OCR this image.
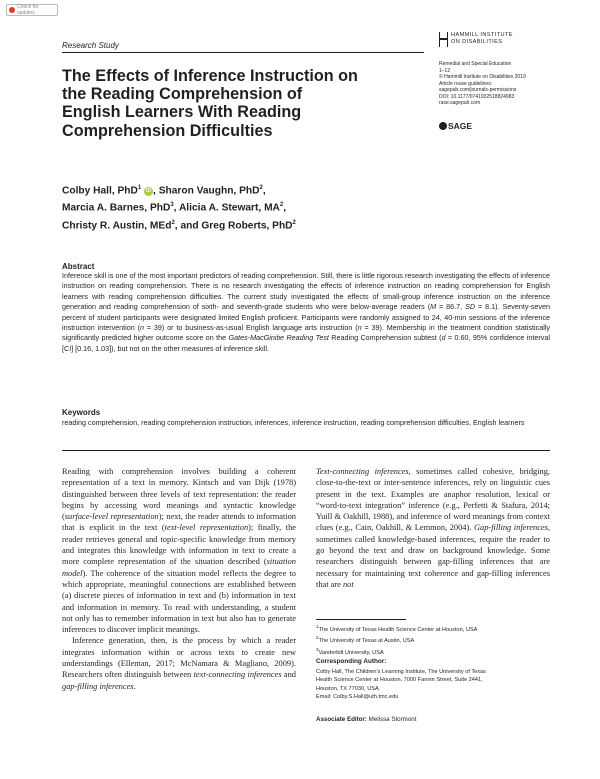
Check for updates
Research Study
The Effects of Inference Instruction on the Reading Comprehension of English Learners With Reading Comprehension Difficulties
HAMMILL INSTITUTE
ON DISABILITIES
Remedial and Special Education
1–12
© Hammill Institute on Disabilities 2019
Article reuse guidelines:
sagepub.com/journals-permissions
DOI: 10.1177/0741932518824983
rase.sagepub.com
SAGE
Colby Hall, PhD$^1$ iD , Sharon Vaughn, PhD$^2$,
Marcia A. Barnes, PhD$^3$, Alicia A. Stewart, $MA^2$,
Christy R. Austin, MEd$^2$, and Greg Roberts, PhD$^2$
Abstract
Inference skill is one of the most important predictors of reading comprehension. Still, there is little rigorous research investigating the effects of inference instruction on reading comprehension. There is no research investigating the effects of inference instruction on reading comprehension for English learners with reading comprehension difficulties. The current study investigated the effects of small-group inference instruction on the inference generation and reading comprehension of sixth- and seventh-grade students who were below-average readers (M = 86.7, SD = 8.1). Seventy-seven percent of student participants were designated limited English proficient. Participants were randomly assigned to 24, 40-min sessions of the inference instruction intervention (n = 39) or to business-as-usual English language arts instruction (n = 39). Membership in the treatment condition statistically significantly predicted higher outcome score on the Gates-MacGinitie Reading Test Reading Comprehension subtest (d = 0.60, 95% confidence interval [CI] [0.16, 1.03]), but not on the other measures of inference skill.
Keywords
reading comprehension, reading comprehension instruction, inferences, inference instruction, reading comprehension difficulties, English learners

Reading with comprehension involves building a coherent representation of a text in memory. Kintsch and van Dijk (1978) distinguished between three levels of text representation: the reader begins by accessing word meanings and syntactic knowledge (surface-level representation); next, the reader attends to information that is explicit in the text (text-level representation); finally, the reader retrieves general and topic-specific knowledge from memory and integrates this knowledge with information in text to create a more complete representation of the situation described (situation model). The coherence of the situation model reflects the degree to which appropriate, meaningful connections are established between (a) discrete pieces of information in text and (b) information in text and information in memory. To read with understanding, a student not only has to remember information in text but also has to generate inferences to discover implicit meanings.

Inference generation, then, is the process by which a reader integrates information within or across texts to create new understandings (Elleman, 2017; McNamara & Magliano, 2009). Researchers often distinguish between text-connecting inferences and gap-filling inferences.

Text-connecting inferences, sometimes called cohesive, bridging, close-to-the-text or inter-sentence inferences, rely on linguistic cues present in the text. Examples are anaphor resolution, lexical or “word-to-text integration” inference (e.g., Perfetti & Stafura, 2014; Yuill & Oakhill, 1988), and inference of word meanings from context clues (e.g., Cain, Oakhill, & Lemmon, 2004). Gap-filling inferences, sometimes called knowledge-based inferences, require the reader to go beyond the text and draw on background knowledge. Some researchers distinguish between gap-filling inferences that are necessary for maintaining text coherence and gap-filling inferences that are not

$^1$The University of Texas Health Science Center at Houston, USA
$^2$The University of Texas at Austin, USA
$^3$Vanderbilt University, USA
Corresponding Author:
Colby Hall, The Children’s Learning Institute, The University of Texas
Health Science Center at Houston, 7000 Fannin Street, Suite 2441,
Houston, TX 77030, USA.
Email: Colby.S.Hall@uth.tmc.edu
Associate Editor: Melissa Stormont
